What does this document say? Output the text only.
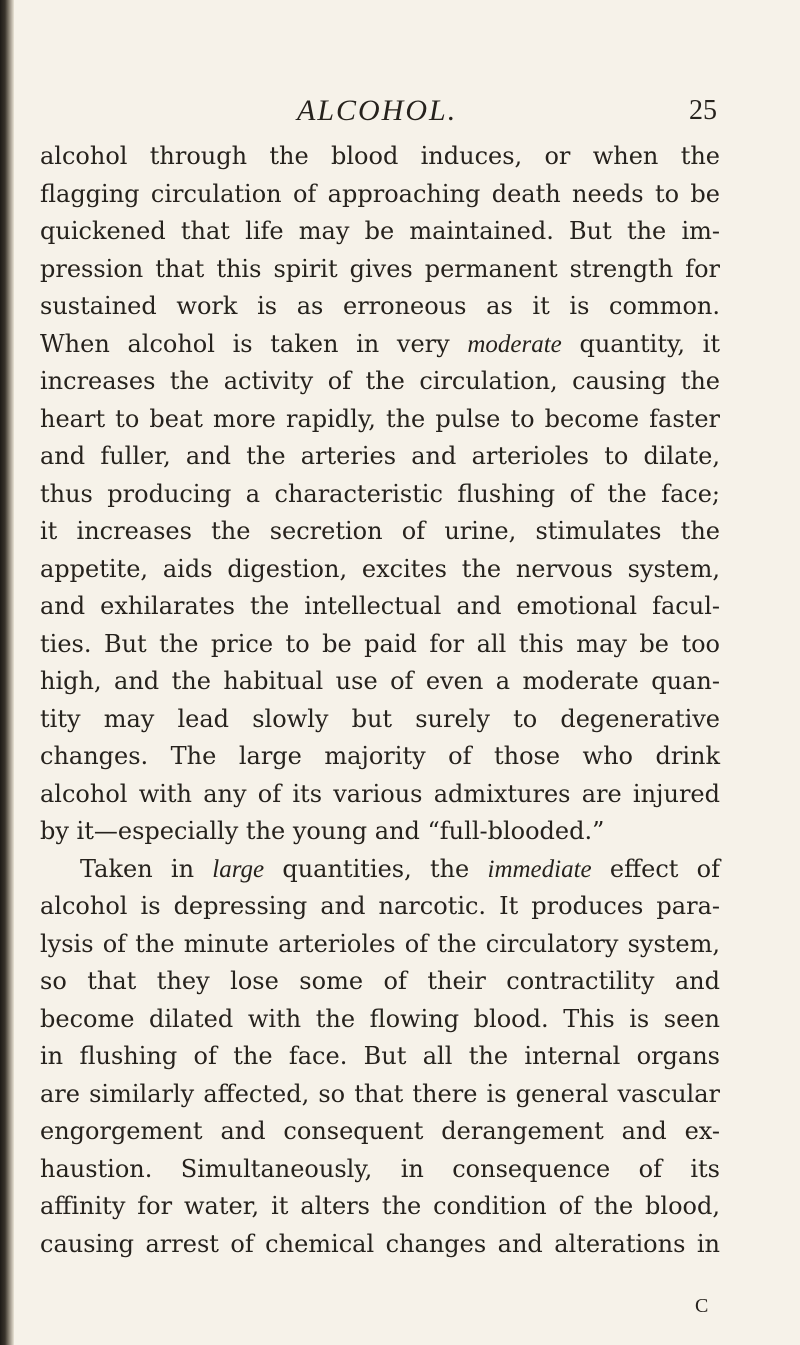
ALCOHOL.	25
alcohol through the blood induces, or when the
flagging circulation of approaching death needs to be
quickened that life may be maintained. But the im-
pression that this spirit gives permanent strength for
sustained work is as erroneous as it is common.
When alcohol is taken in very moderate quantity, it
increases the activity of the circulation, causing the
heart to beat more rapidly, the pulse to become faster
and fuller, and the arteries and arterioles to dilate,
thus producing a characteristic flushing of the face;
it increases the secretion of urine, stimulates the
appetite, aids digestion, excites the nervous system,
and exhilarates the intellectual and emotional facul-
ties. But the price to be paid for all this may be too
high, and the habitual use of even a moderate quan-
tity may lead slowly but surely to degenerative
changes. The large majority of those who drink
alcohol with any of its various admixtures are injured
by it—especially the young and “full-blooded.”
Taken in large quantities, the immediate effect of
alcohol is depressing and narcotic. It produces para-
lysis of the minute arterioles of the circulatory system,
so that they lose some of their contractility and
become dilated with the flowing blood. This is seen
in flushing of the face. But all the internal organs
are similarly affected, so that there is general vascular
engorgement and consequent derangement and ex-
haustion. Simultaneously, in consequence of its
affinity for water, it alters the condition of the blood,
causing arrest of chemical changes and alterations in
C
